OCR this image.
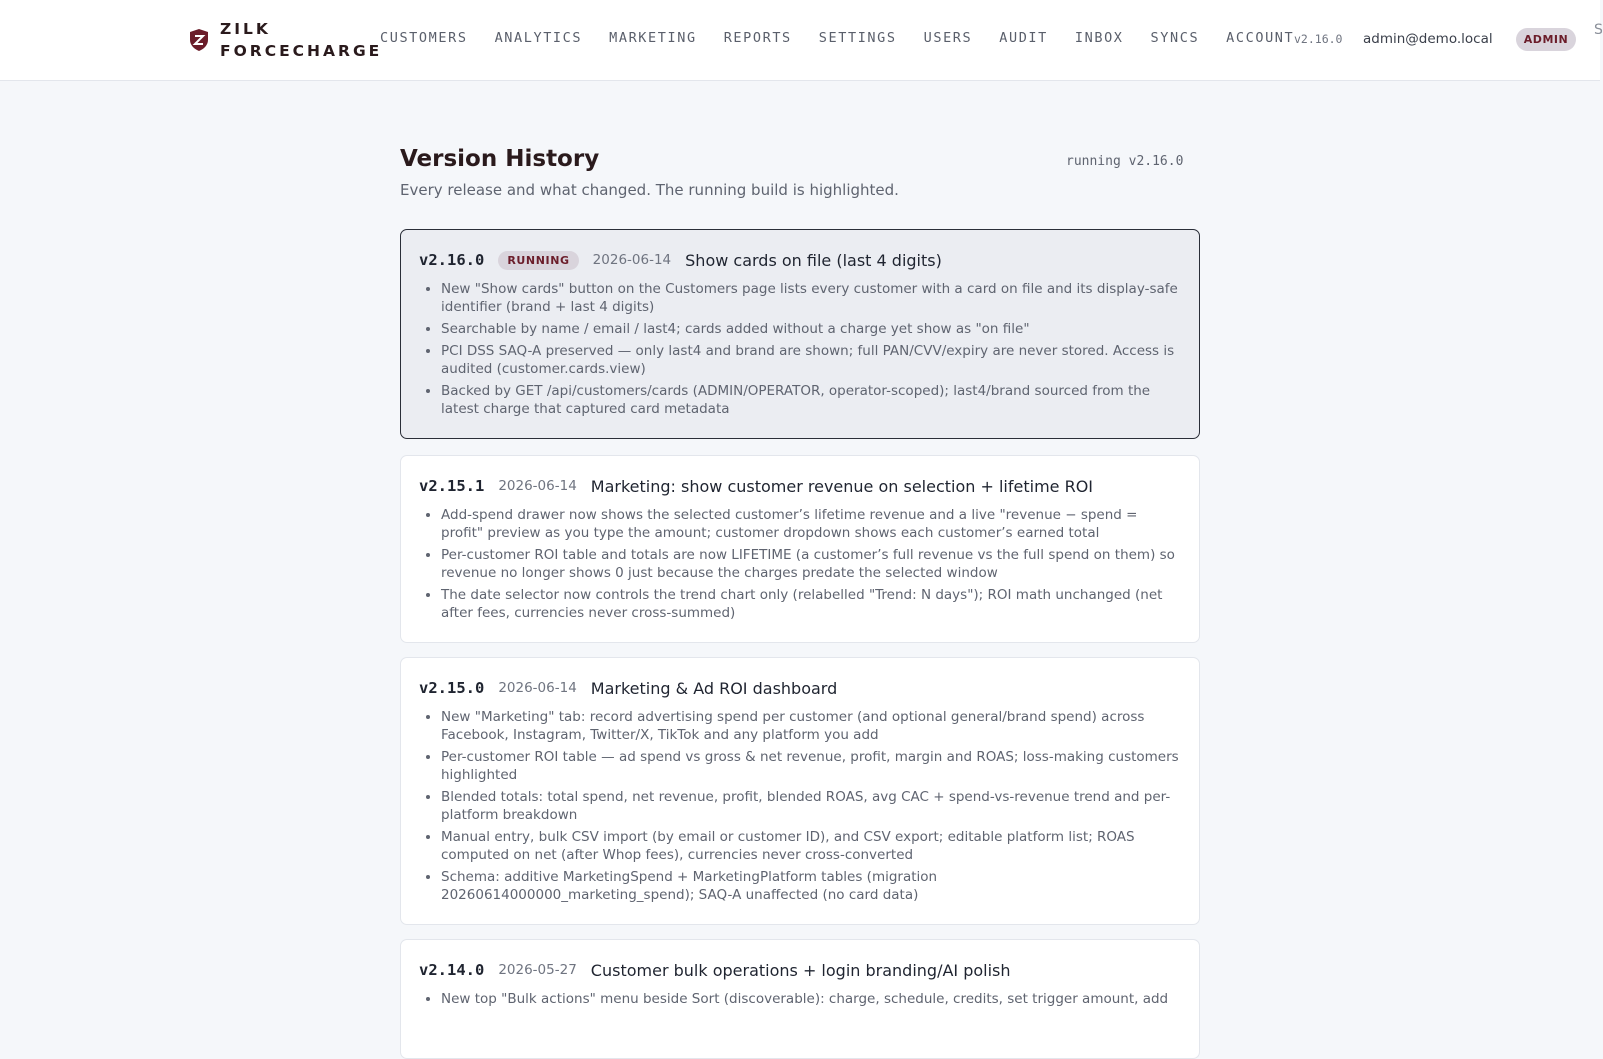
ZILK
FORCECHARGE
CUSTOMERS ANALYTICS MARKETING REPORTS SETTINGS USERS AUDIT INBOX SYNCS ACCOUNT v2.16.0 admin@demo.local	ADMIN
S
Version History

Every release and what changed. The running build is highlighted.

running v2.16.0
v2.16.0	RUNNING	2026-06-14 Show cards on file (last 4 digits)
• New "Show cards" button on the Customers page lists every customer with a card on file and its display-safe identifier (brand + last 4 digits)
• Searchable by name / email / last4; cards added without a charge yet show as "on file"
• PCI DSS SAQ-A preserved — only last4 and brand are shown; full PAN/CVV/expiry are never stored. Access is audited (customer.cards.view)
• Backed by GET /api/customers/cards (ADMIN/OPERATOR, operator-scoped); last4/brand sourced from the latest charge that captured card metadata
v2.15.1 2026-06-14 Marketing: show customer revenue on selection + lifetime ROI
• Add-spend drawer now shows the selected customer’s lifetime revenue and a live "revenue − spend = profit" preview as you type the amount; customer dropdown shows each customer’s earned total
• Per-customer ROI table and totals are now LIFETIME (a customer’s full revenue vs the full spend on them) so revenue no longer shows 0 just because the charges predate the selected window
• The date selector now controls the trend chart only (relabelled "Trend: N days"); ROI math unchanged (net after fees, currencies never cross-summed)
v2.15.0 2026-06-14 Marketing & Ad ROI dashboard
• New "Marketing" tab: record advertising spend per customer (and optional general/brand spend) across Facebook, Instagram, Twitter/X, TikTok and any platform you add
• Per-customer ROI table — ad spend vs gross & net revenue, profit, margin and ROAS; loss-making customers highlighted
• Blended totals: total spend, net revenue, profit, blended ROAS, avg CAC + spend-vs-revenue trend and per-platform breakdown
• Manual entry, bulk CSV import (by email or customer ID), and CSV export; editable platform list; ROAS computed on net (after Whop fees), currencies never cross-converted
• Schema: additive MarketingSpend + MarketingPlatform tables (migration 20260614000000_marketing_spend); SAQ-A unaffected (no card data)
v2.14.0 2026-05-27 Customer bulk operations + login branding/AI polish
• New top "Bulk actions" menu beside Sort (discoverable): charge, schedule, credits, set trigger amount, add
